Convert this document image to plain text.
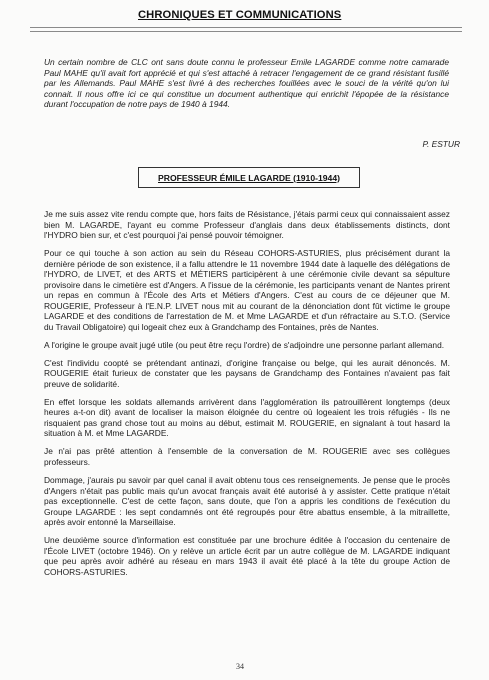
CHRONIQUES ET COMMUNICATIONS

Un certain nombre de CLC ont sans doute connu le professeur Emile LAGARDE comme notre camarade Paul MAHE qu'il avait fort apprécié et qui s'est attaché à retracer l'engagement de ce grand résistant fusillé par les Allemands. Paul MAHE s'est livré à des recherches fouillées avec le souci de la vérité qu'on lui connait. Il nous offre ici ce qui constitue un document authentique qui enrichit l'épopée de la résistance durant l'occupation de notre pays de 1940 à 1944.

P. ESTUR
PROFESSEUR ÉMILE LAGARDE (1910-1944)

Je me suis assez vite rendu compte que, hors faits de Résistance, j'étais parmi ceux qui connaissaient assez bien M. LAGARDE, l'ayant eu comme Professeur d'anglais dans deux établissements distincts, dont l'HYDRO bien sur, et c'est pourquoi j'ai pensé pouvoir témoigner.

Pour ce qui touche à son action au sein du Réseau COHORS-ASTURIES, plus précisément durant la dernière période de son existence, il a fallu attendre le 11 novembre 1944 date à laquelle des délégations de l'HYDRO, de LIVET, et des ARTS et MÉTIERS participèrent à une cérémonie civile devant sa sépulture provisoire dans le cimetière est d'Angers. A l'issue de la cérémonie, les participants venant de Nantes prirent un repas en commun à l'École des Arts et Métiers d'Angers. C'est au cours de ce déjeuner que M. ROUGERIE, Professeur à l'E.N.P. LIVET nous mit au courant de la dénonciation dont fût victime le groupe LAGARDE et des conditions de l'arrestation de M. et Mme LAGARDE et d'un réfractaire au S.T.O. (Service du Travail Obligatoire) qui logeait chez eux à Grandchamp des Fontaines, près de Nantes.

A l'origine le groupe avait jugé utile (ou peut être reçu l'ordre) de s'adjoindre une personne parlant allemand.

C'est l'individu coopté se prétendant antinazi, d'origine française ou belge, qui les aurait dénoncés. M. ROUGERIE était furieux de constater que les paysans de Grandchamp des Fontaines n'avaient pas fait preuve de solidarité.

En effet lorsque les soldats allemands arrivèrent dans l'agglomération ils patrouillèrent longtemps (deux heures a-t-on dit) avant de localiser la maison éloignée du centre où logeaient les trois réfugiés - Ils ne risquaient pas grand chose tout au moins au début, estimait M. ROUGERIE, en signalant à tout hasard la situation à M. et Mme LAGARDE.

Je n'ai pas prêté attention à l'ensemble de la conversation de M. ROUGERIE avec ses collègues professeurs.

Dommage, j'aurais pu savoir par quel canal il avait obtenu tous ces renseignements. Je pense que le procès d'Angers n'était pas public mais qu'un avocat français avait été autorisé à y assister. Cette pratique n'était pas exceptionnelle. C'est de cette façon, sans doute, que l'on a appris les conditions de l'exécution du Groupe LAGARDE : les sept condamnés ont été regroupés pour être abattus ensemble, à la mitraillette, après avoir entonné la Marseillaise.

Une deuxième source d'information est constituée par une brochure éditée à l'occasion du centenaire de l'École LIVET (octobre 1946). On y relève un article écrit par un autre collègue de M. LAGARDE indiquant que peu après avoir adhéré au réseau en mars 1943 il avait été placé à la tête du groupe Action de COHORS-ASTURIES.

34
